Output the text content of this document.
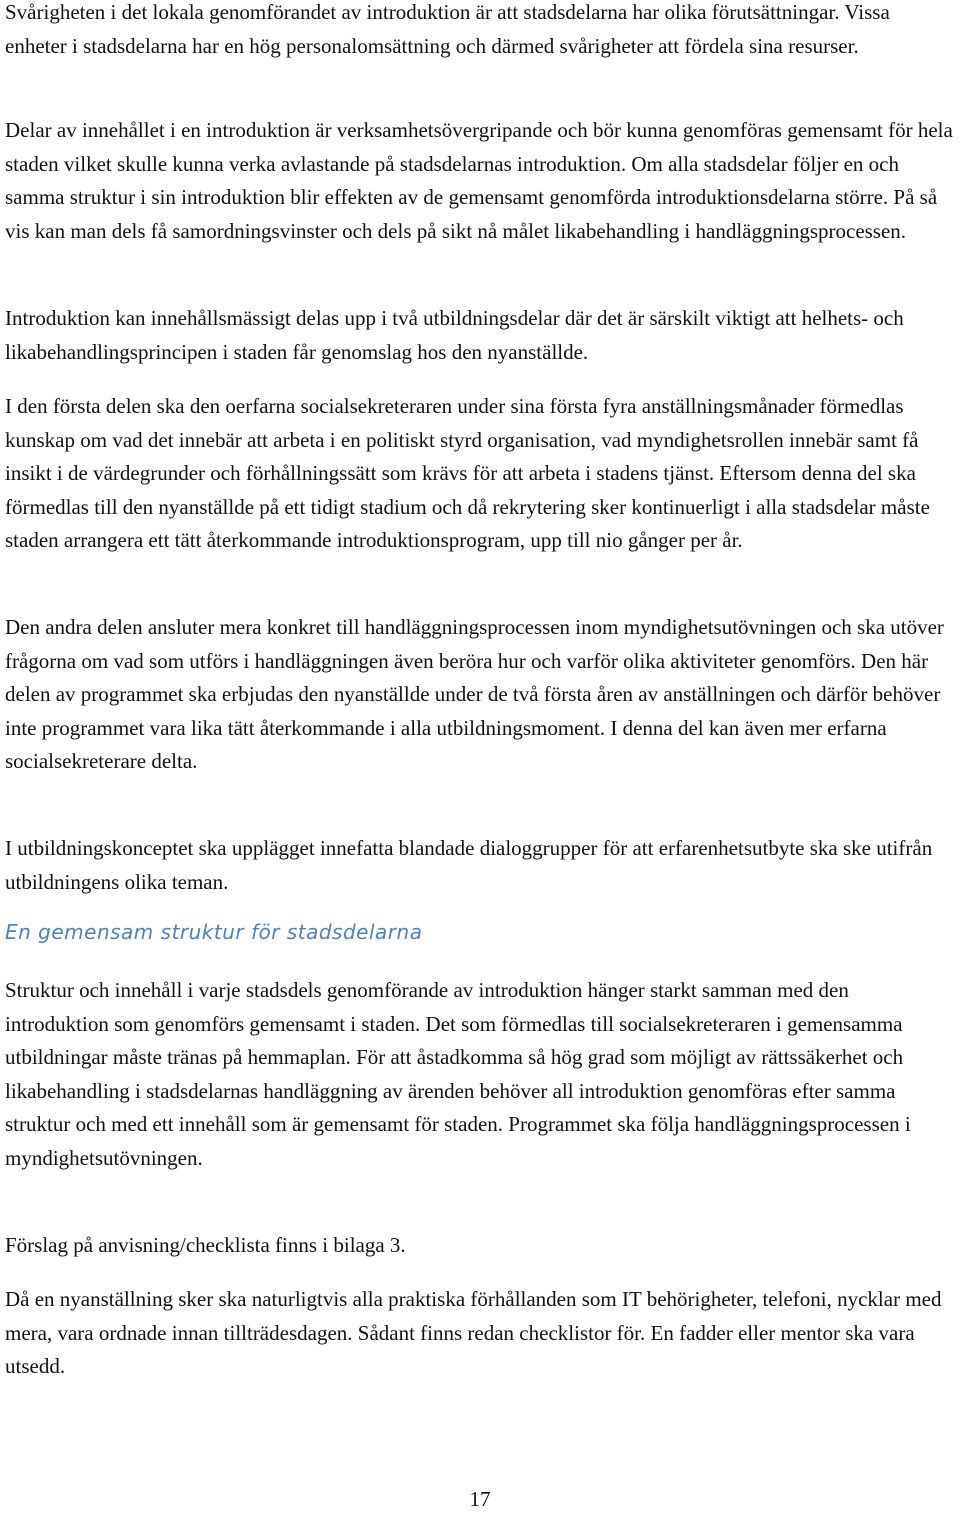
Svårigheten i det lokala genomförandet av introduktion är att stadsdelarna har olika förutsättningar. Vissa enheter i stadsdelarna har en hög personalomsättning och därmed svårigheter att fördela sina resurser.

Delar av innehållet i en introduktion är verksamhetsövergripande och bör kunna genomföras gemensamt för hela staden vilket skulle kunna verka avlastande på stadsdelarnas introduktion. Om alla stadsdelar följer en och samma struktur i sin introduktion blir effekten av de gemensamt genomförda introduktionsdelarna större. På så vis kan man dels få samordningsvinster och dels på sikt nå målet likabehandling i handläggningsprocessen.

Introduktion kan innehållsmässigt delas upp i två utbildningsdelar där det är särskilt viktigt att helhets- och likabehandlingsprincipen i staden får genomslag hos den nyanställde.

I den första delen ska den oerfarna socialsekreteraren under sina första fyra anställningsmånader förmedlas kunskap om vad det innebär att arbeta i en politiskt styrd organisation, vad myndighetsrollen innebär samt få insikt i de värdegrunder och förhållningssätt som krävs för att arbeta i stadens tjänst. Eftersom denna del ska förmedlas till den nyanställde på ett tidigt stadium och då rekrytering sker kontinuerligt i alla stadsdelar måste staden arrangera ett tätt återkommande introduktionsprogram, upp till nio gånger per år.

Den andra delen ansluter mera konkret till handläggningsprocessen inom myndighetsutövningen och ska utöver frågorna om vad som utförs i handläggningen även beröra hur och varför olika aktiviteter genomförs. Den här delen av programmet ska erbjudas den nyanställde under de två första åren av anställningen och därför behöver inte programmet vara lika tätt återkommande i alla utbildningsmoment. I denna del kan även mer erfarna socialsekreterare delta.

I utbildningskonceptet ska upplägget innefatta blandade dialoggrupper för att erfarenhetsutbyte ska ske utifrån utbildningens olika teman.

En gemensam struktur för stadsdelarna

Struktur och innehåll i varje stadsdels genomförande av introduktion hänger starkt samman med den introduktion som genomförs gemensamt i staden. Det som förmedlas till socialsekreteraren i gemensamma utbildningar måste tränas på hemmaplan. För att åstadkomma så hög grad som möjligt av rättssäkerhet och likabehandling i stadsdelarnas handläggning av ärenden behöver all introduktion genomföras efter samma struktur och med ett innehåll som är gemensamt för staden. Programmet ska följa handläggningsprocessen i myndighetsutövningen.

Förslag på anvisning/checklista finns i bilaga 3.

Då en nyanställning sker ska naturligtvis alla praktiska förhållanden som IT behörigheter, telefoni, nycklar med mera, vara ordnade innan tillträdesdagen. Sådant finns redan checklistor för. En fadder eller mentor ska vara utsedd.

17
